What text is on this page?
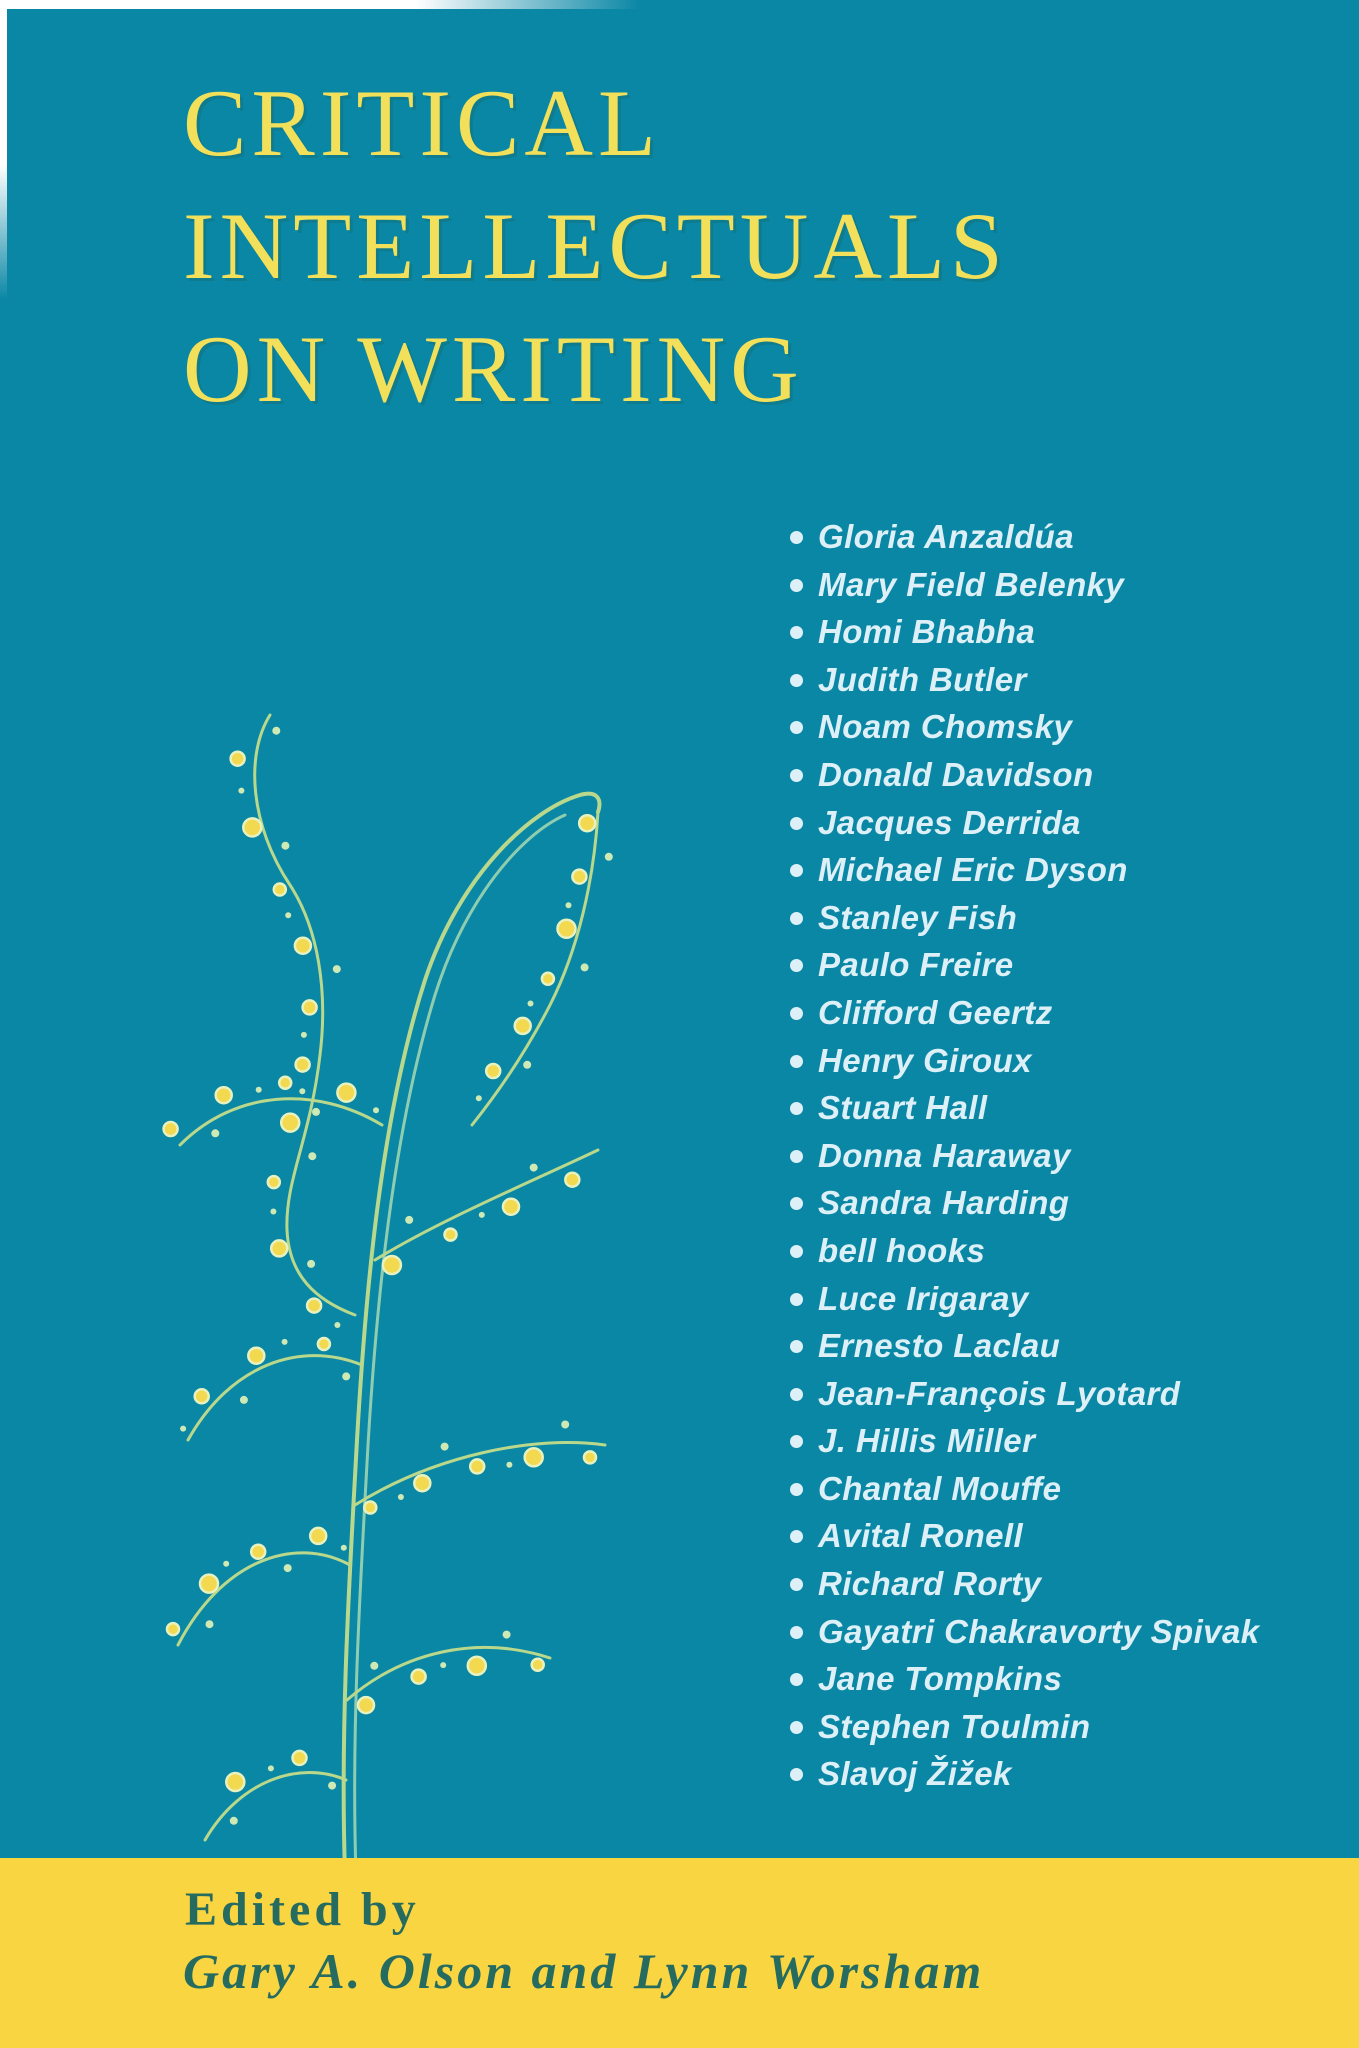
CRITICAL
INTELLECTUALS
ON WRITING
Gloria Anzaldúa
Mary Field Belenky
Homi Bhabha
Judith Butler
Noam Chomsky
Donald Davidson
Jacques Derrida
Michael Eric Dyson
Stanley Fish
Paulo Freire
Clifford Geertz
Henry Giroux
Stuart Hall
Donna Haraway
Sandra Harding
bell hooks
Luce Irigaray
Ernesto Laclau
Jean-François Lyotard
J. Hillis Miller
Chantal Mouffe
Avital Ronell
Richard Rorty
Gayatri Chakravorty Spivak
Jane Tompkins
Stephen Toulmin
Slavoj Žižek
Edited by
Gary A. Olson and Lynn Worsham
